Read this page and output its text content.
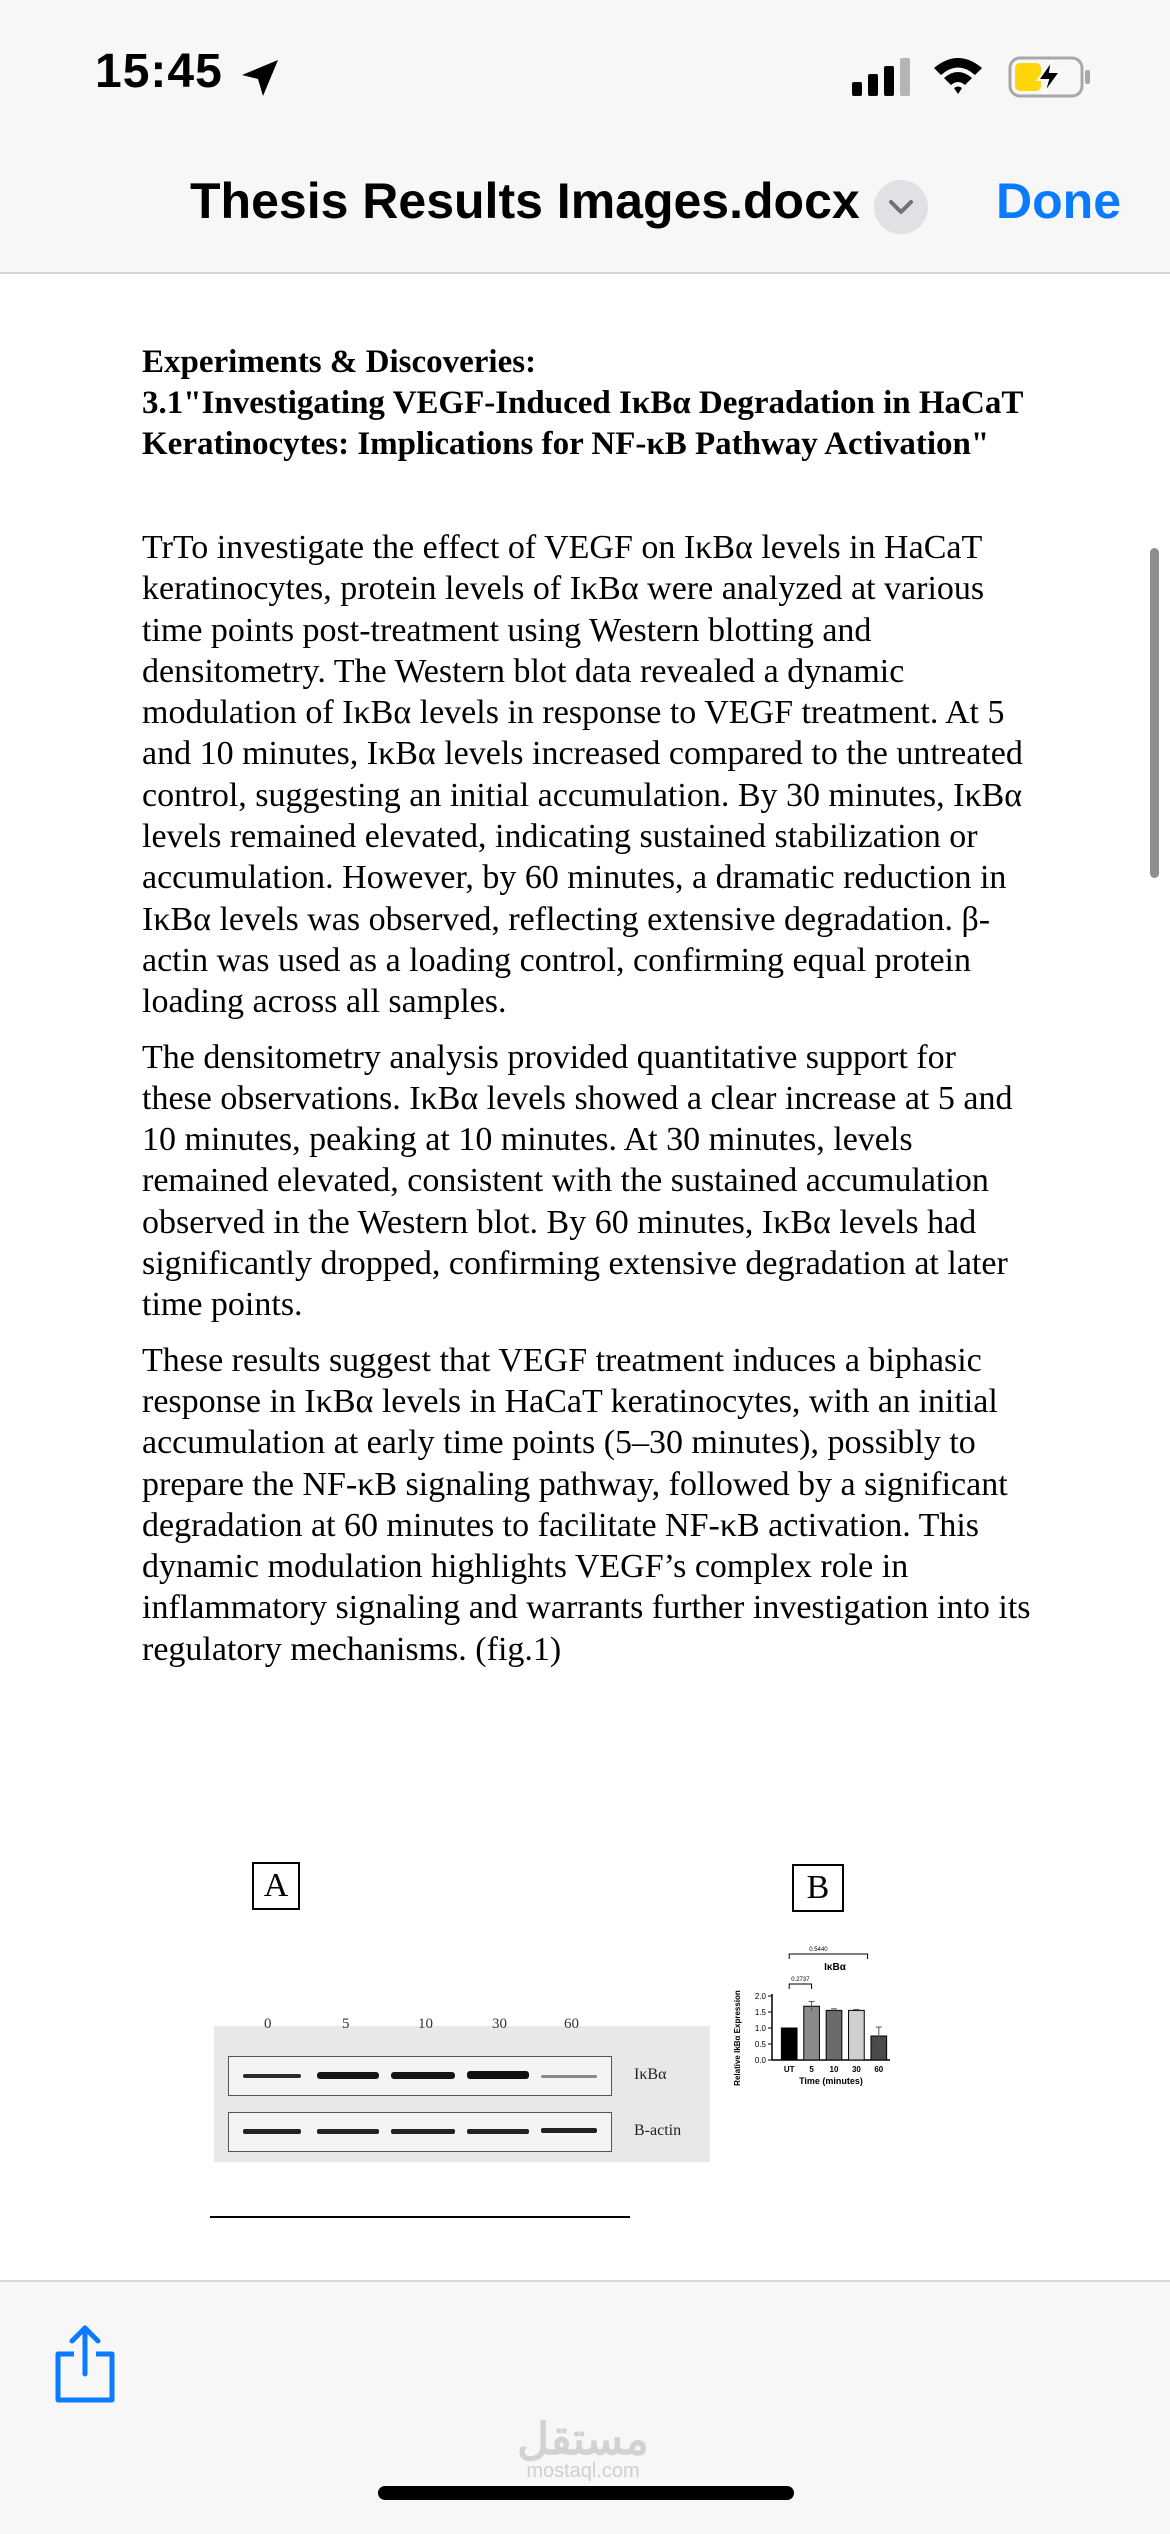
15:45
Thesis Results Images.docx	Done

Experiments & Discoveries:
3.1"Investigating VEGF-Induced IκBα Degradation in HaCaT Keratinocytes: Implications for NF-κB Pathway Activation"

TrTo investigate the effect of VEGF on IκBα levels in HaCaT keratinocytes, protein levels of IκBα were analyzed at various time points post-treatment using Western blotting and densitometry. The Western blot data revealed a dynamic modulation of IκBα levels in response to VEGF treatment. At 5 and 10 minutes, IκBα levels increased compared to the untreated control, suggesting an initial accumulation. By 30 minutes, IκBα levels remained elevated, indicating sustained stabilization or accumulation. However, by 60 minutes, a dramatic reduction in IκBα levels was observed, reflecting extensive degradation. β-actin was used as a loading control, confirming equal protein loading across all samples.

The densitometry analysis provided quantitative support for these observations. IκBα levels showed a clear increase at 5 and 10 minutes, peaking at 10 minutes. At 30 minutes, levels remained elevated, consistent with the sustained accumulation observed in the Western blot. By 60 minutes, IκBα levels had significantly dropped, confirming extensive degradation at later time points.

These results suggest that VEGF treatment induces a biphasic response in IκBα levels in HaCaT keratinocytes, with an initial accumulation at early time points (5–30 minutes), possibly to prepare the NF-κB signaling pathway, followed by a significant degradation at 60 minutes to facilitate NF-κB activation. This dynamic modulation highlights VEGF’s complex role in inflammatory signaling and warrants further investigation into its regulatory mechanisms. (fig.1)

A	B
0	5	10	30	60
IκBα
B-actin
0.0
0.5
1.0
1.5
2.0
UT 5 10 30 60
0.2737
0.5440
IκBα
Time (minutes)
Relative IkBα Expression
مستقل
mostaql.com
